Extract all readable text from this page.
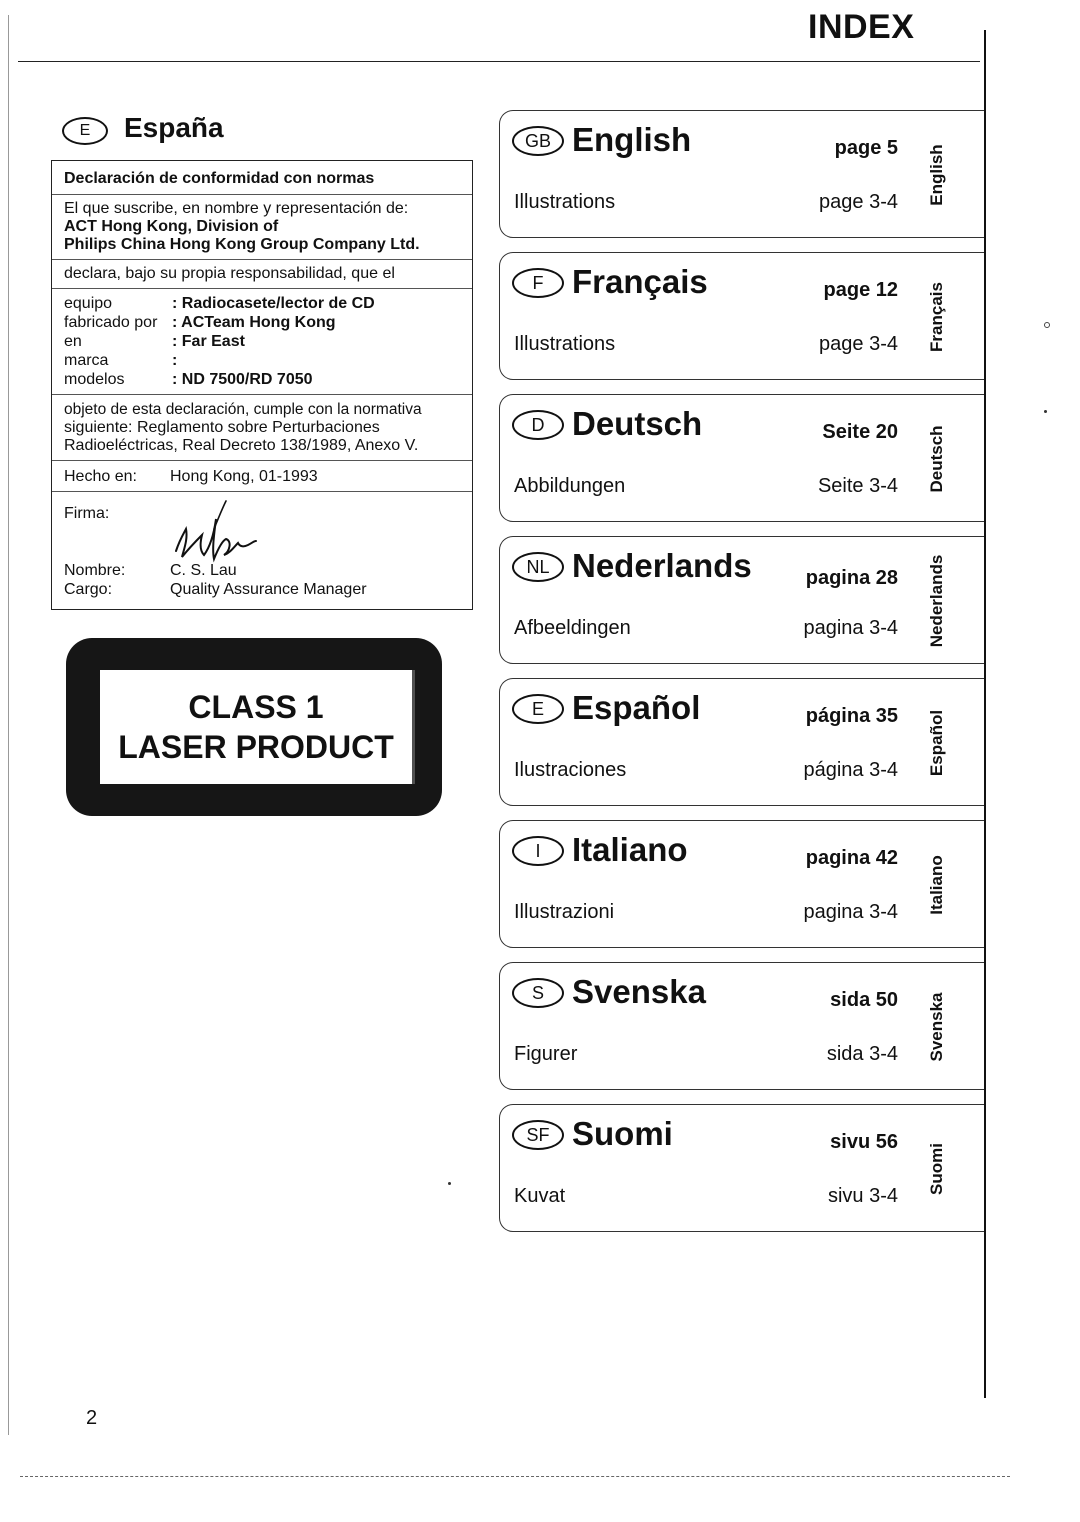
INDEX
E	España
Declaración de conformidad con normas
El que suscribe, en nombre y representación de:
ACT Hong Kong, Division of
Philips China Hong Kong Group Company Ltd.
declara, bajo su propia responsabilidad, que el
equipo	: Radiocasete/lector de CD
fabricado por : ACTeam Hong Kong
en	: Far East
marca	:
modelos	: ND 7500/RD 7050
objeto de esta declaración, cumple con la normativa
siguiente: Reglamento sobre Perturbaciones
Radioeléctricas, Real Decreto 138/1989, Anexo V.
Hecho en: Hong Kong, 01-1993
Firma:
Nombre:	C. S. Lau
Cargo:	Quality Assurance Manager
CLASS 1
LASER PRODUCT
GB English	page 5
Illustrations	page 3-4 English
F Français	page 12
Illustrations	page 3-4 Français
D Deutsch	Seite 20
Abbildungen	Seite 3-4 Deutsch
NL Nederlands	pagina 28
Afbeeldingen	pagina 3-4 Nederlands
E Español	página 35
Ilustraciones	página 3-4 Español
I Italiano	pagina 42
Illustrazioni	pagina 3-4 Italiano
S Svenska	sida 50
Figurer	sida 3-4 Svenska
SF Suomi	sivu 56
Kuvat	sivu 3-4
Suomi
2
